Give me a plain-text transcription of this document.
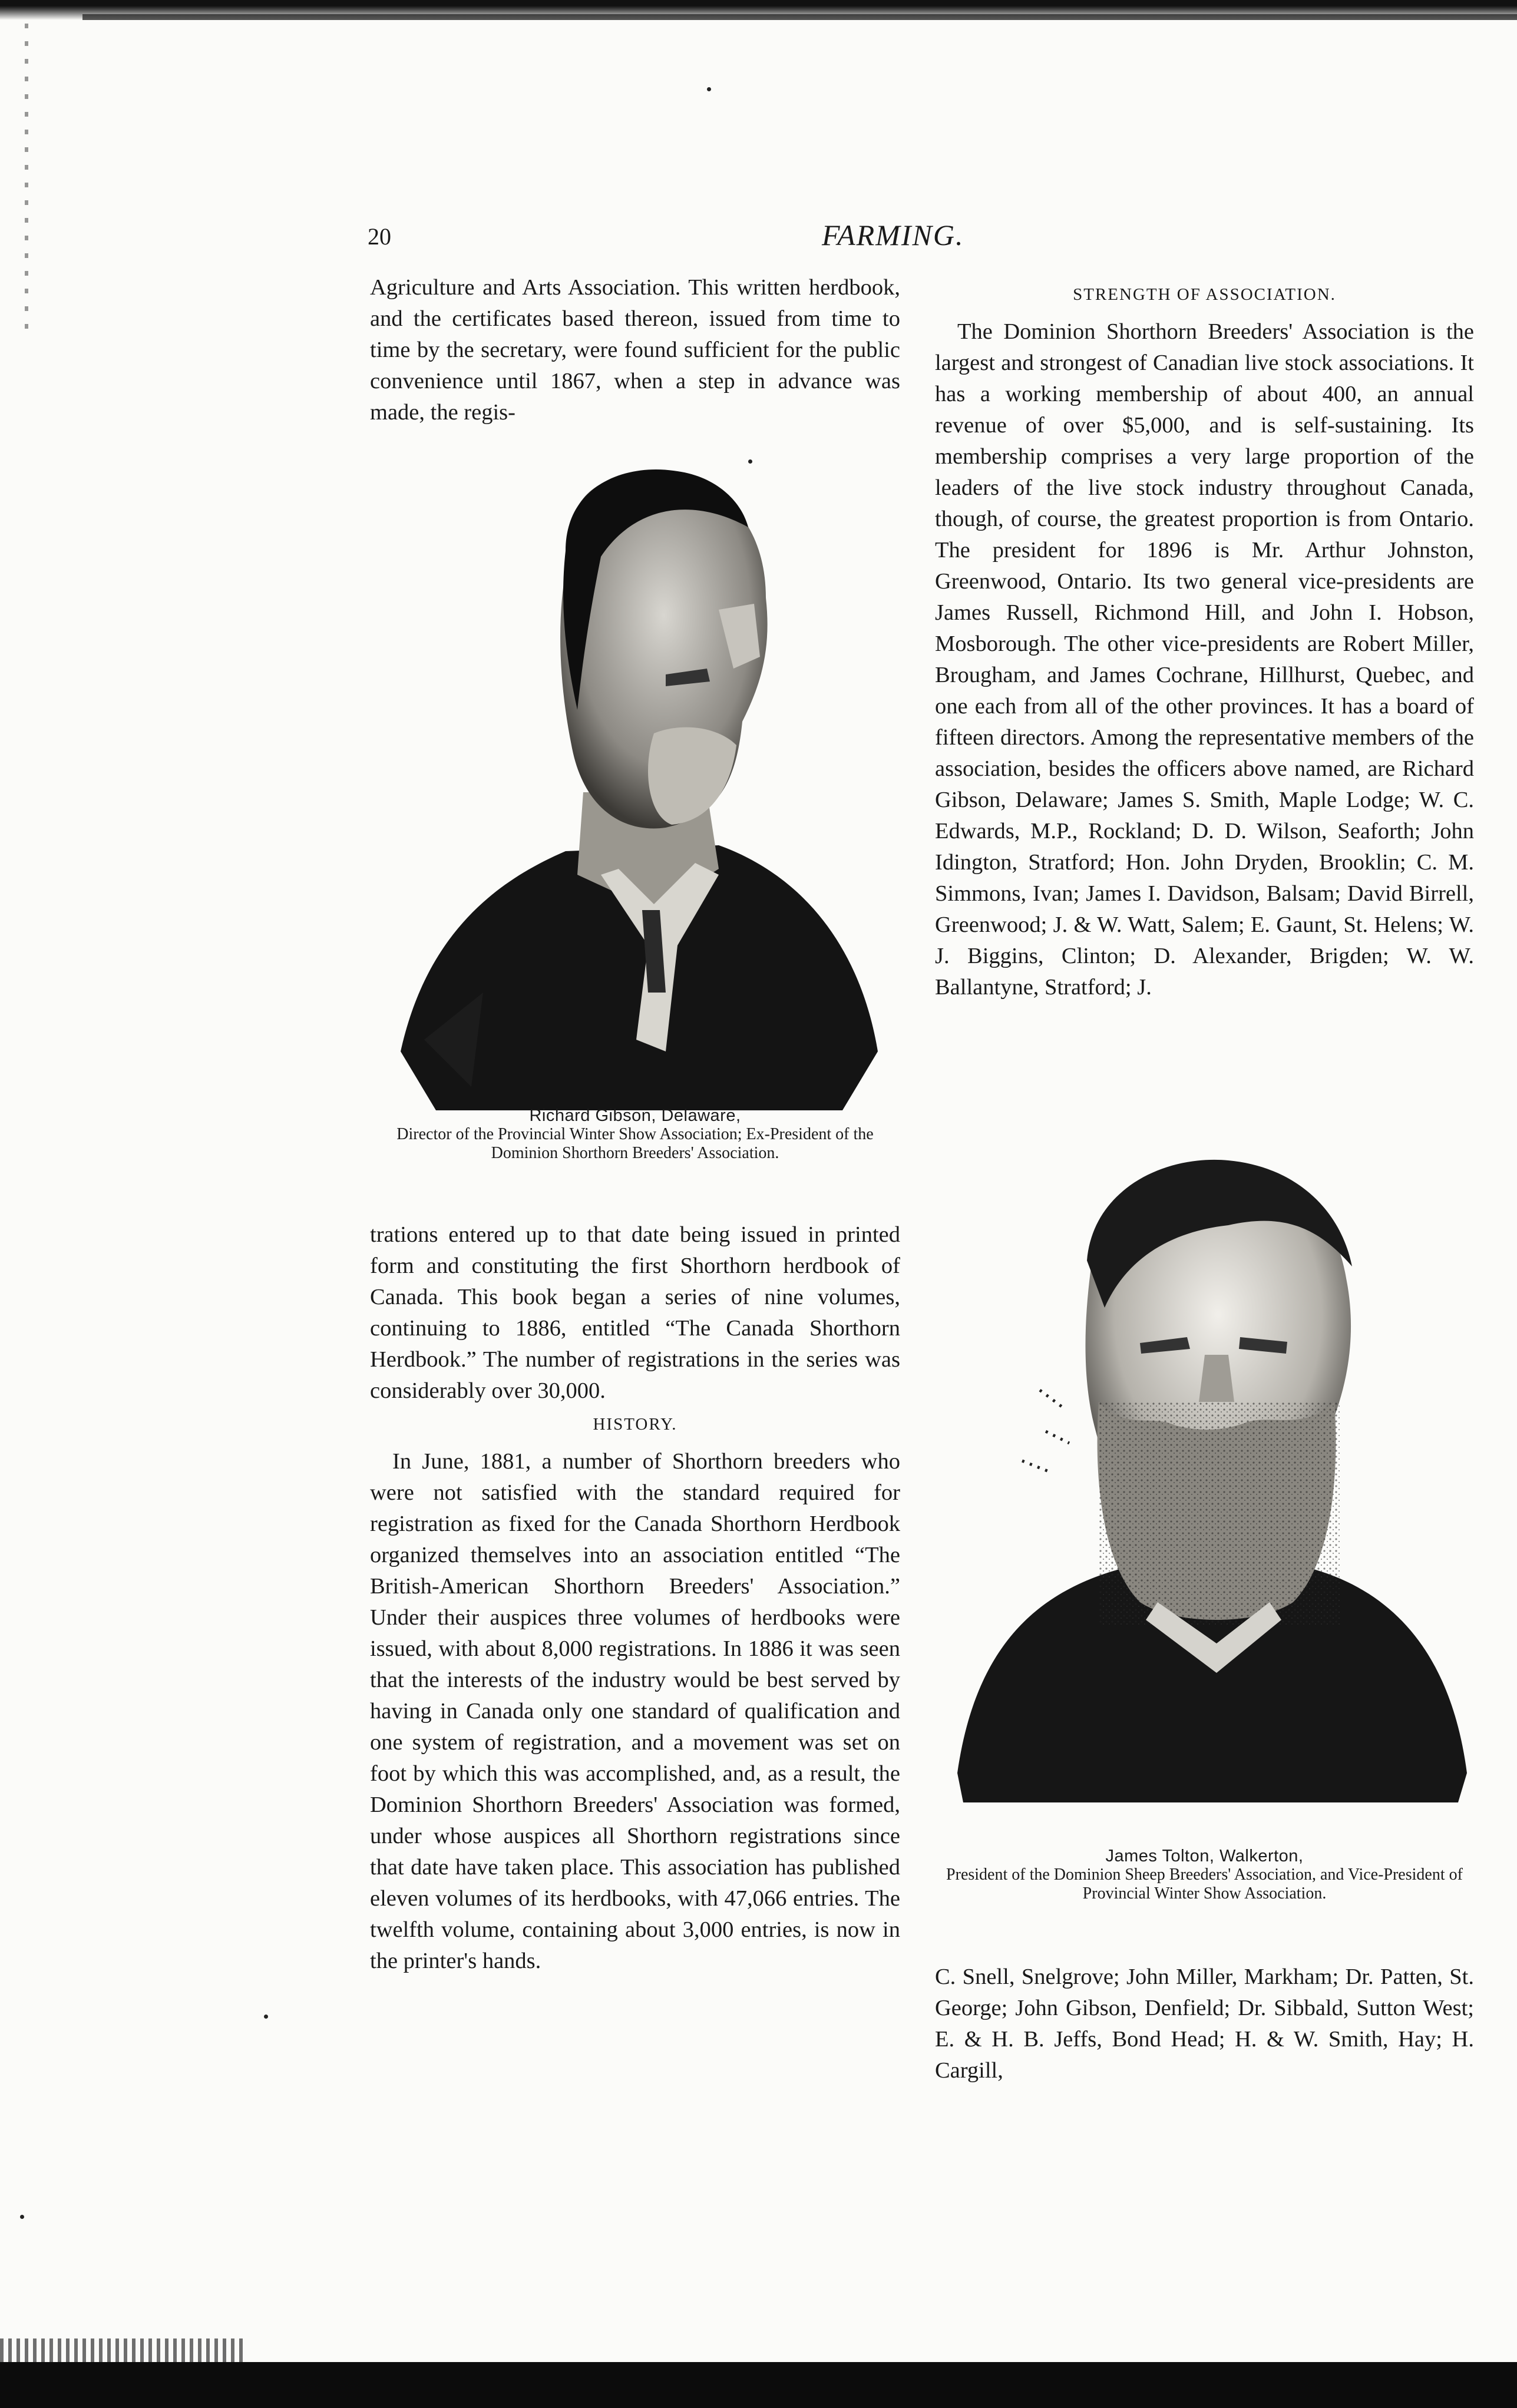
20	FARMING.

Agriculture and Arts Association. This written herdbook, and the certificates based thereon, issued from time to time by the secretary, were found sufficient for the public convenience until 1867, when a step in advance was made, the regis-

Richard Gibson, Delaware,
Director of the Provincial Winter Show Association; Ex-President of the Dominion Shorthorn Breeders' Association.

trations entered up to that date being issued in printed form and constituting the first Shorthorn herdbook of Canada. This book began a series of nine volumes, continuing to 1886, entitled “The Canada Shorthorn Herdbook.” The number of registrations in the series was considerably over 30,000.

HISTORY.

In June, 1881, a number of Shorthorn breeders who were not satisfied with the standard required for registration as fixed for the Canada Shorthorn Herdbook organized themselves into an association entitled “The British-American Shorthorn Breeders' Association.” Under their auspices three volumes of herdbooks were issued, with about 8,000 registrations. In 1886 it was seen that the interests of the industry would be best served by having in Canada only one standard of qualification and one system of registration, and a movement was set on foot by which this was accomplished, and, as a result, the Dominion Shorthorn Breeders' Association was formed, under whose auspices all Shorthorn registrations since that date have taken place. This association has published eleven volumes of its herdbooks, with 47,066 entries. The twelfth volume, containing about 3,000 entries, is now in the printer's hands.

STRENGTH OF ASSOCIATION.

The Dominion Shorthorn Breeders' Association is the largest and strongest of Canadian live stock associations. It has a working membership of about 400, an annual revenue of over $5,000, and is self-sustaining. Its membership comprises a very large proportion of the leaders of the live stock industry throughout Canada, though, of course, the greatest proportion is from Ontario. The president for 1896 is Mr. Arthur Johnston, Greenwood, Ontario. Its two general vice-presidents are James Russell, Richmond Hill, and John I. Hobson, Mosborough. The other vice-presidents are Robert Miller, Brougham, and James Cochrane, Hillhurst, Quebec, and one each from all of the other provinces. It has a board of fifteen directors. Among the representative members of the association, besides the officers above named, are Richard Gibson, Delaware; James S. Smith, Maple Lodge; W. C. Edwards, M.P., Rockland; D. D. Wilson, Seaforth; John Idington, Stratford; Hon. John Dryden, Brooklin; C. M. Simmons, Ivan; James I. Davidson, Balsam; David Birrell, Greenwood; J. & W. Watt, Salem; E. Gaunt, St. Helens; W. J. Biggins, Clinton; D. Alexander, Brigden; W. W. Ballantyne, Stratford; J.

James Tolton, Walkerton,
President of the Dominion Sheep Breeders' Association, and Vice-President of Provincial Winter Show Association.

C. Snell, Snelgrove; John Miller, Markham; Dr. Patten, St. George; John Gibson, Denfield; Dr. Sibbald, Sutton West; E. & H. B. Jeffs, Bond Head; H. & W. Smith, Hay; H. Cargill,
